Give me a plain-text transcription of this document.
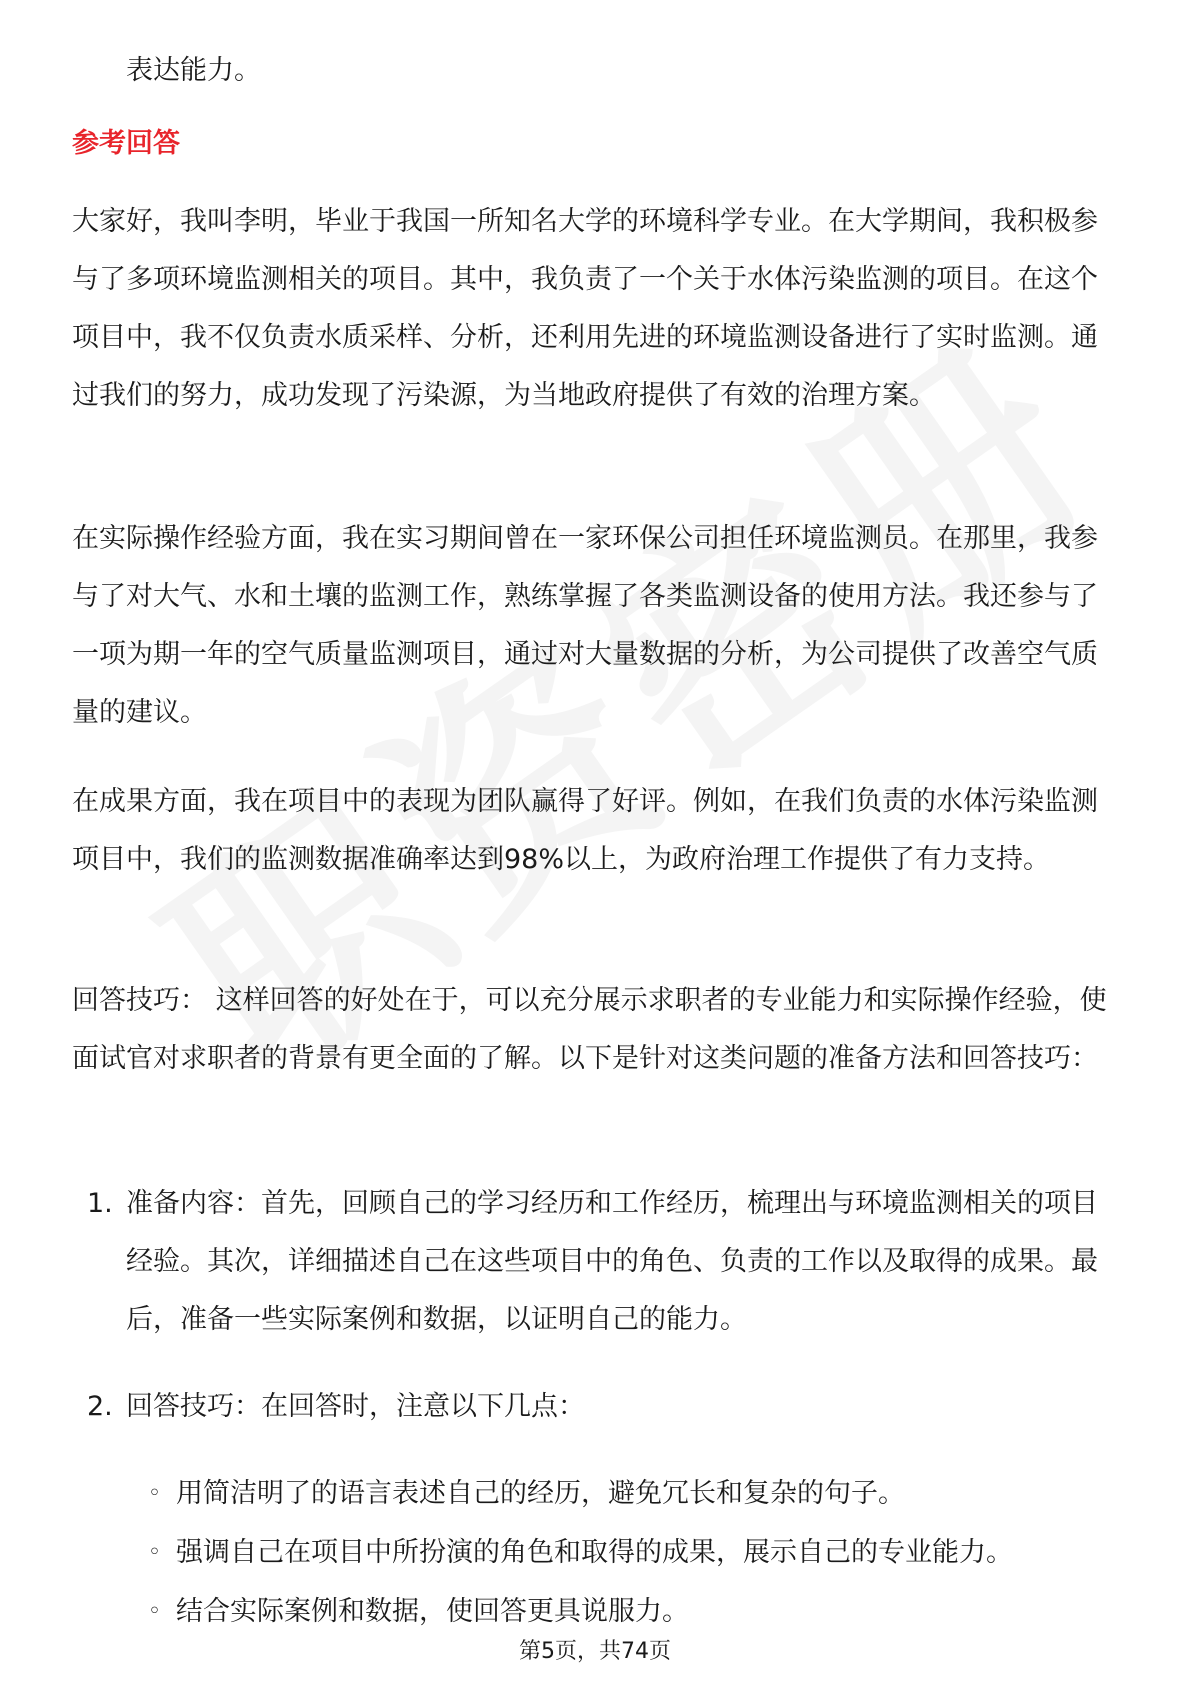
表达能力。
参考回答
大家好，我叫李明，毕业于我国一所知名大学的环境科学专业。在大学期间，我积极参与了多项环境监测相关的项目。其中，我负责了一个关于水体污染监测的项目。在这个项目中，我不仅负责水质采样、分析，还利用先进的环境监测设备进行了实时监测。通过我们的努力，成功发现了污染源，为当地政府提供了有效的治理方案。
在实际操作经验方面，我在实习期间曾在一家环保公司担任环境监测员。在那里，我参与了对大气、水和土壤的监测工作，熟练掌握了各类监测设备的使用方法。我还参与了一项为期一年的空气质量监测项目，通过对大量数据的分析，为公司提供了改善空气质量的建议。
在成果方面，我在项目中的表现为团队赢得了好评。例如，在我们负责的水体污染监测项目中，我们的监测数据准确率达到98%以上，为政府治理工作提供了有力支持。
回答技巧： 这样回答的好处在于，可以充分展示求职者的专业能力和实际操作经验，使面试官对求职者的背景有更全面的了解。以下是针对这类问题的准备方法和回答技巧：
1. 准备内容：首先，回顾自己的学习经历和工作经历，梳理出与环境监测相关的项目经验。其次，详细描述自己在这些项目中的角色、负责的工作以及取得的成果。最后，准备一些实际案例和数据，以证明自己的能力。
2. 回答技巧：在回答时，注意以下几点：
◦ 用简洁明了的语言表述自己的经历，避免冗长和复杂的句子。
◦ 强调自己在项目中所扮演的角色和取得的成果，展示自己的专业能力。
◦ 结合实际案例和数据，使回答更具说服力。
第5页，共74页
